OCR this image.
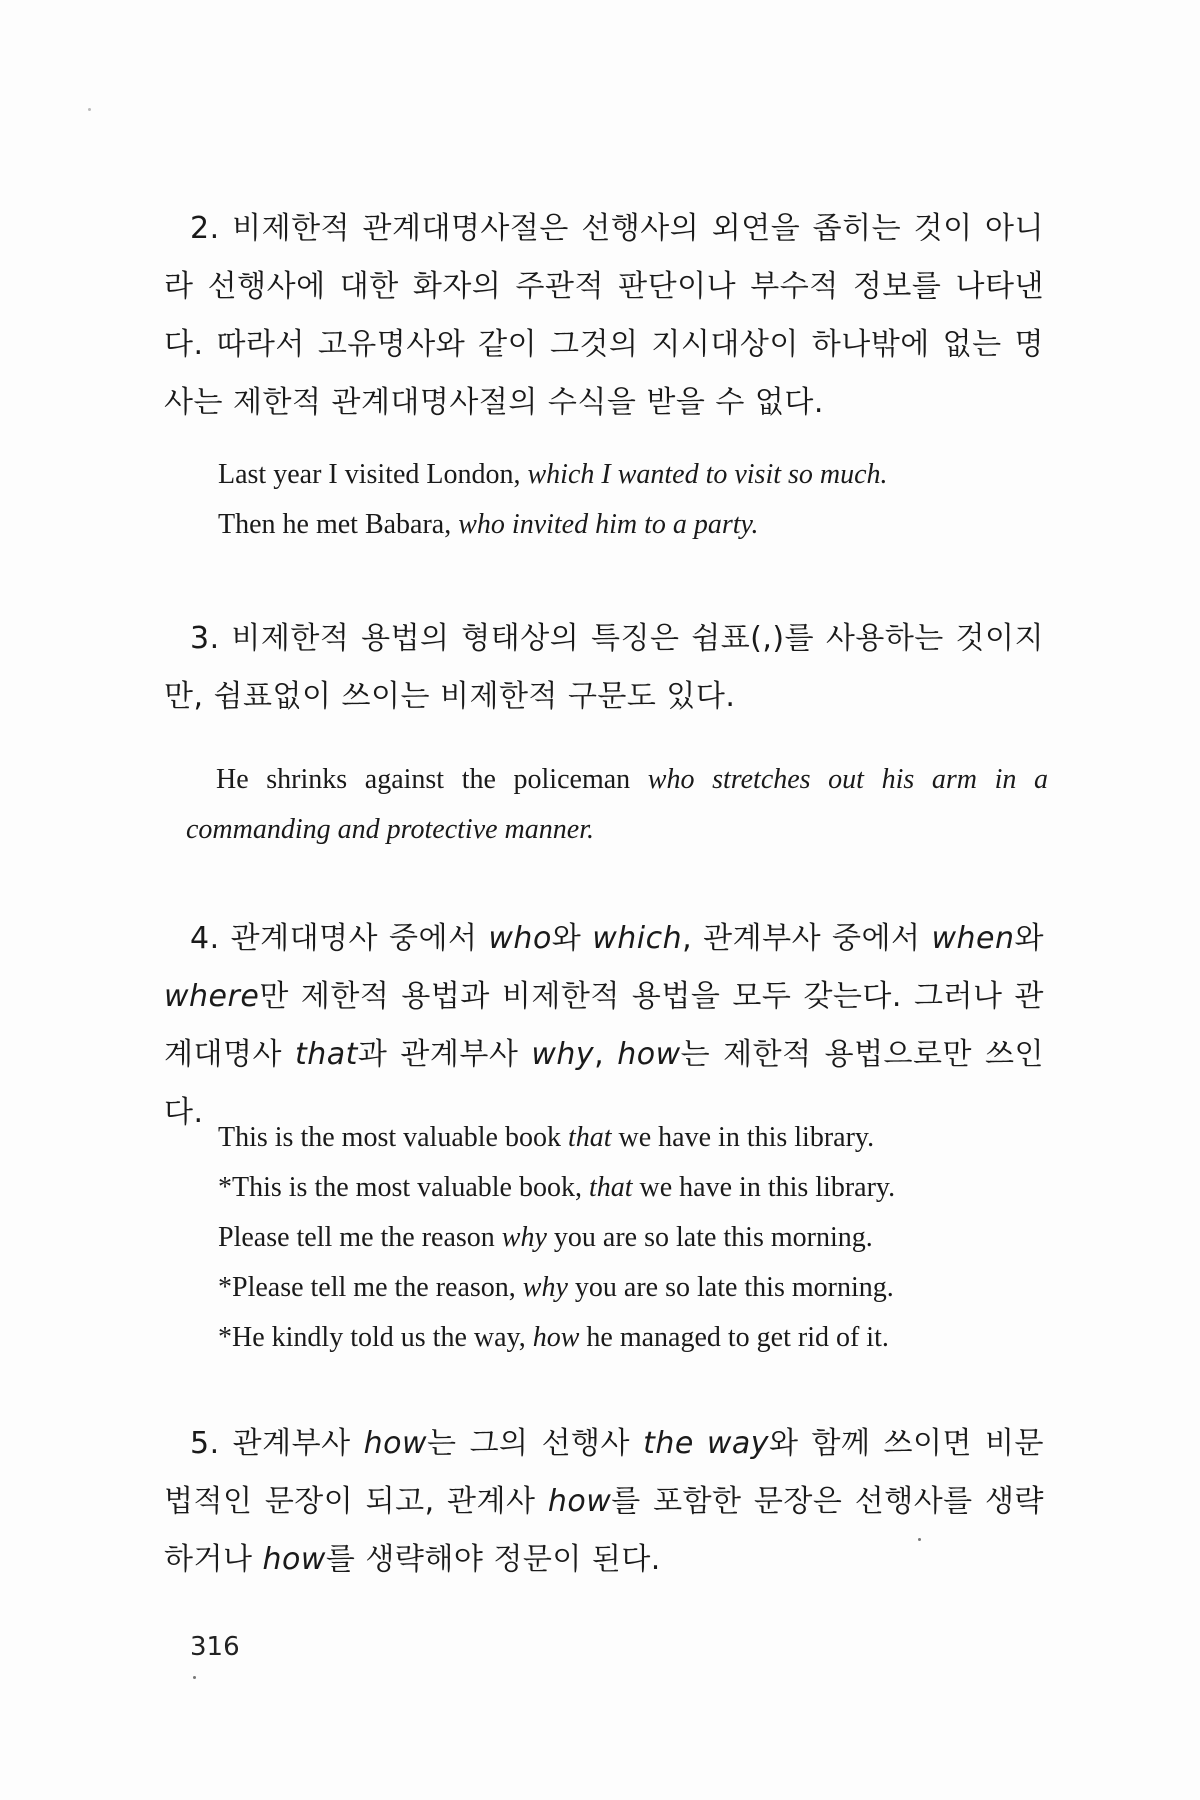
2. 비제한적 관계대명사절은 선행사의 외연을 좁히는 것이 아니라 선행사에 대한 화자의 주관적 판단이나 부수적 정보를 나타낸다. 따라서 고유명사와 같이 그것의 지시대상이 하나밖에 없는 명사는 제한적 관계대명사절의 수식을 받을 수 없다.

Last year I visited London, which I wanted to visit so much.
Then he met Babara, who invited him to a party.

3. 비제한적 용법의 형태상의 특징은 쉼표(,)를 사용하는 것이지만, 쉼표없이 쓰이는 비제한적 구문도 있다.

He shrinks against the policeman who stretches out his arm in a commanding and protective manner.

4. 관계대명사 중에서 who와 which, 관계부사 중에서 when와 where만 제한적 용법과 비제한적 용법을 모두 갖는다. 그러나 관계대명사 that과 관계부사 why, how는 제한적 용법으로만 쓰인다.

This is the most valuable book that we have in this library.
*This is the most valuable book, that we have in this library.
Please tell me the reason why you are so late this morning.
*Please tell me the reason, why you are so late this morning.
*He kindly told us the way, how he managed to get rid of it.

5. 관계부사 how는 그의 선행사 the way와 함께 쓰이면 비문법적인 문장이 되고, 관계사 how를 포함한 문장은 선행사를 생략하거나 how를 생략해야 정문이 된다.

316
